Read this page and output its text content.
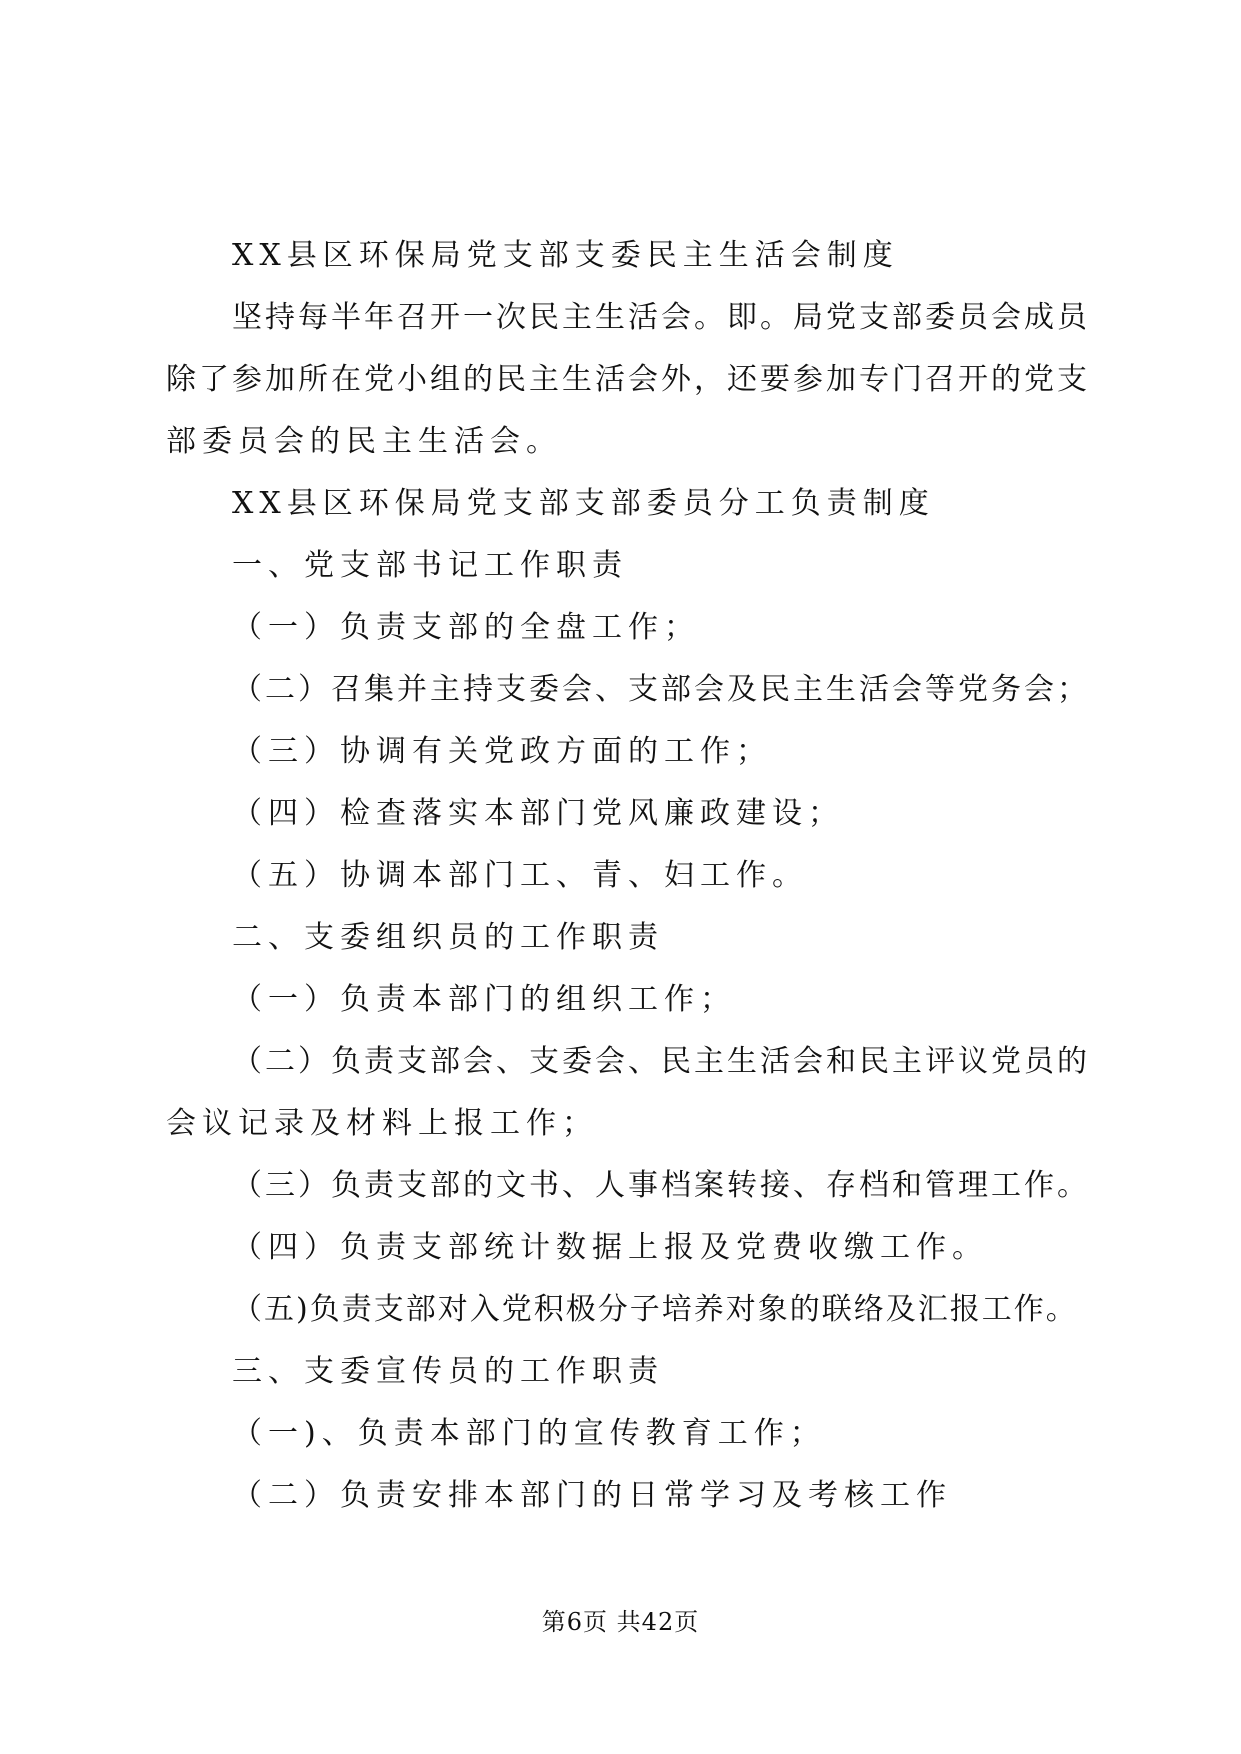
XX县区环保局党支部支委民主生活会制度
坚持每半年召开一次民主生活会。即。局党支部委员会成员
除了参加所在党小组的民主生活会外，还要参加专门召开的党支
部委员会的民主生活会。
XX县区环保局党支部支部委员分工负责制度
一、党支部书记工作职责
（一）负责支部的全盘工作；
（二）召集并主持支委会、支部会及民主生活会等党务会；
（三）协调有关党政方面的工作；
（四）检查落实本部门党风廉政建设；
（五）协调本部门工、青、妇工作。
二、支委组织员的工作职责
（一）负责本部门的组织工作；
（二）负责支部会、支委会、民主生活会和民主评议党员的
会议记录及材料上报工作；
（三）负责支部的文书、人事档案转接、存档和管理工作。
（四）负责支部统计数据上报及党费收缴工作。
（五)负责支部对入党积极分子培养对象的联络及汇报工作。
三、支委宣传员的工作职责
（一)、负责本部门的宣传教育工作；
（二）负责安排本部门的日常学习及考核工作
第6页 共42页
